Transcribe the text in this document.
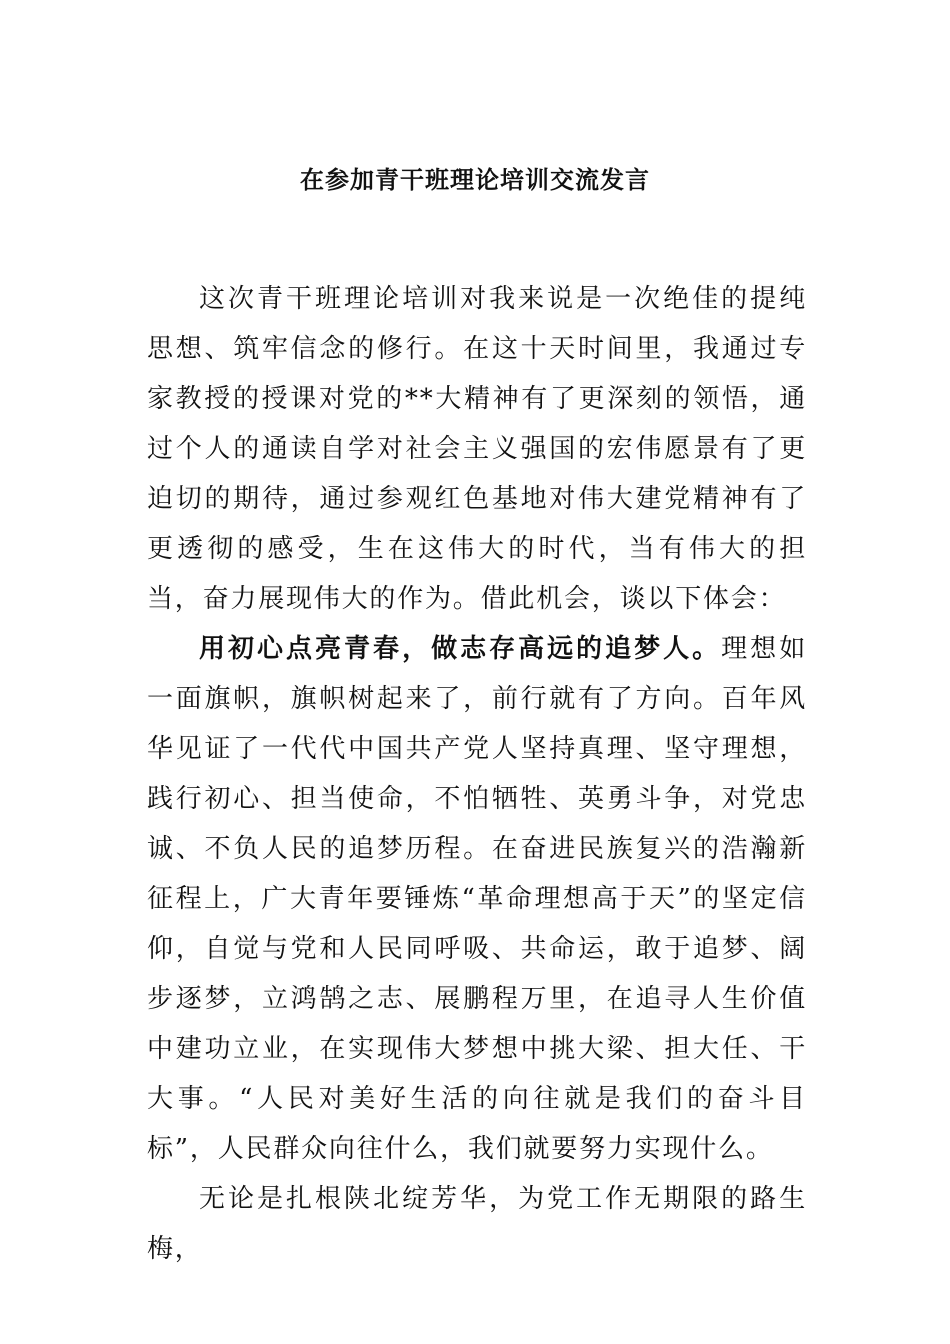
在参加青干班理论培训交流发言

这次青干班理论培训对我来说是一次绝佳的提纯思想、筑牢信念的修行。在这十天时间里，我通过专家教授的授课对党的**大精神有了更深刻的领悟，通过个人的通读自学对社会主义强国的宏伟愿景有了更迫切的期待，通过参观红色基地对伟大建党精神有了更透彻的感受，生在这伟大的时代，当有伟大的担当，奋力展现伟大的作为。借此机会，谈以下体会：

用初心点亮青春，做志存高远的追梦人。理想如一面旗帜，旗帜树起来了，前行就有了方向。百年风华见证了一代代中国共产党人坚持真理、坚守理想，践行初心、担当使命，不怕牺牲、英勇斗争，对党忠诚、不负人民的追梦历程。在奋进民族复兴的浩瀚新征程上，广大青年要锤炼“革命理想高于天”的坚定信仰，自觉与党和人民同呼吸、共命运，敢于追梦、阔步逐梦，立鸿鹄之志、展鹏程万里，在追寻人生价值中建功立业，在实现伟大梦想中挑大梁、担大任、干大事。“人民对美好生活的向往就是我们的奋斗目标”，人民群众向往什么，我们就要努力实现什么。

无论是扎根陕北绽芳华，为党工作无期限的路生梅，
